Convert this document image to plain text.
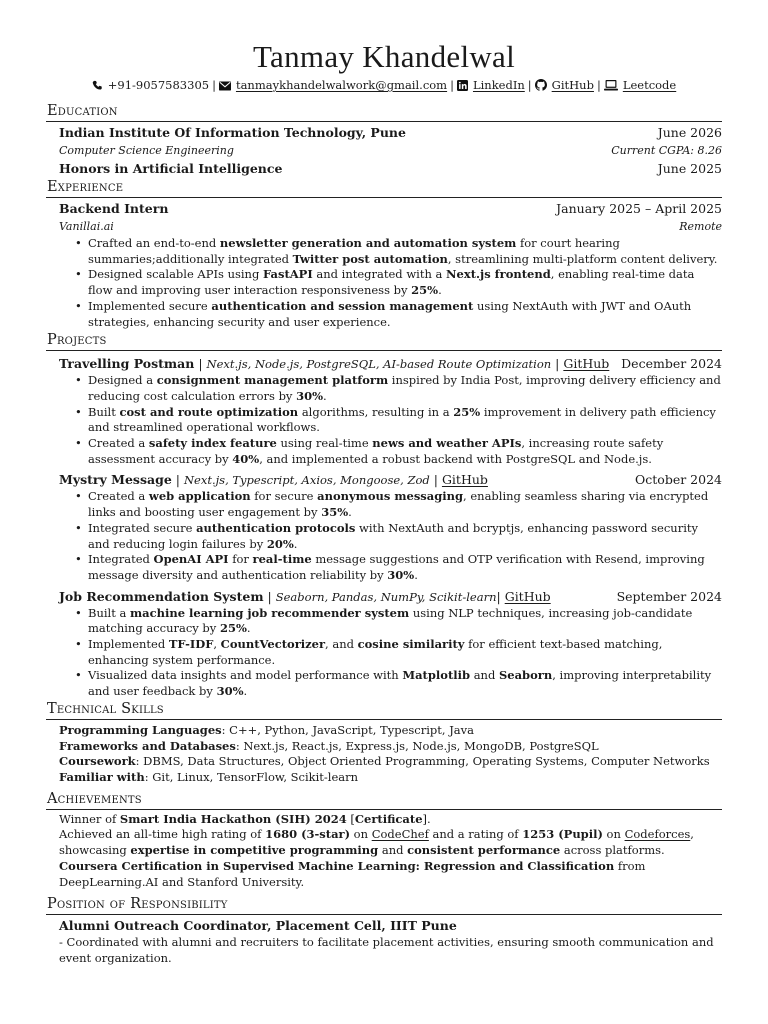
Tanmay Khandelwal
+91-9057583305 | tanmaykhandelwalwork@gmail.com | LinkedIn | GitHub | Leetcode
Education
Indian Institute Of Information Technology, Pune	June 2026
Computer Science Engineering	Current CGPA: 8.26
Honors in Artificial Intelligence	June 2025
Experience
Backend Intern	January 2025 – April 2025
Vanillai.ai	Remote
• Crafted an end-to-end newsletter generation and automation system for court hearing summaries;additionally integrated Twitter post automation, streamlining multi-platform content delivery.
• Designed scalable APIs using FastAPI and integrated with a Next.js frontend, enabling real-time data flow and improving user interaction responsiveness by 25%.
• Implemented secure authentication and session management using NextAuth with JWT and OAuth strategies, enhancing security and user experience.
Projects
Travelling Postman | Next.js, Node.js, PostgreSQL, AI-based Route Optimization | GitHub December 2024
• Designed a consignment management platform inspired by India Post, improving delivery efficiency and reducing cost calculation errors by 30%.
• Built cost and route optimization algorithms, resulting in a 25% improvement in delivery path efficiency and streamlined operational workflows.
• Created a safety index feature using real-time news and weather APIs, increasing route safety assessment accuracy by 40%, and implemented a robust backend with PostgreSQL and Node.js.
Mystry Message | Next.js, Typescript, Axios, Mongoose, Zod | GitHub	October 2024
• Created a web application for secure anonymous messaging, enabling seamless sharing via encrypted links and boosting user engagement by 35%.
• Integrated secure authentication protocols with NextAuth and bcryptjs, enhancing password security and reducing login failures by 20%.
• Integrated OpenAI API for real-time message suggestions and OTP verification with Resend, improving message diversity and authentication reliability by 30%.
Job Recommendation System | Seaborn, Pandas, NumPy, Scikit-learn| GitHub	September 2024
• Built a machine learning job recommender system using NLP techniques, increasing job-candidate matching accuracy by 25%.
• Implemented TF-IDF, CountVectorizer, and cosine similarity for efficient text-based matching, enhancing system performance.
• Visualized data insights and model performance with Matplotlib and Seaborn, improving interpretability and user feedback by 30%.
Technical Skills
Programming Languages: C++, Python, JavaScript, Typescript, Java
Frameworks and Databases: Next.js, React.js, Express.js, Node.js, MongoDB, PostgreSQL
Coursework: DBMS, Data Structures, Object Oriented Programming, Operating Systems, Computer Networks
Familiar with: Git, Linux, TensorFlow, Scikit-learn
Achievements
Winner of Smart India Hackathon (SIH) 2024 [Certificate].
Achieved an all-time high rating of 1680 (3-star) on CodeChef and a rating of 1253 (Pupil) on Codeforces, showcasing expertise in competitive programming and consistent performance across platforms.
Coursera Certification in Supervised Machine Learning: Regression and Classification from DeepLearning.AI and Stanford University.
Position of Responsibility
Alumni Outreach Coordinator, Placement Cell, IIIT Pune
- Coordinated with alumni and recruiters to facilitate placement activities, ensuring smooth communication and event organization.
